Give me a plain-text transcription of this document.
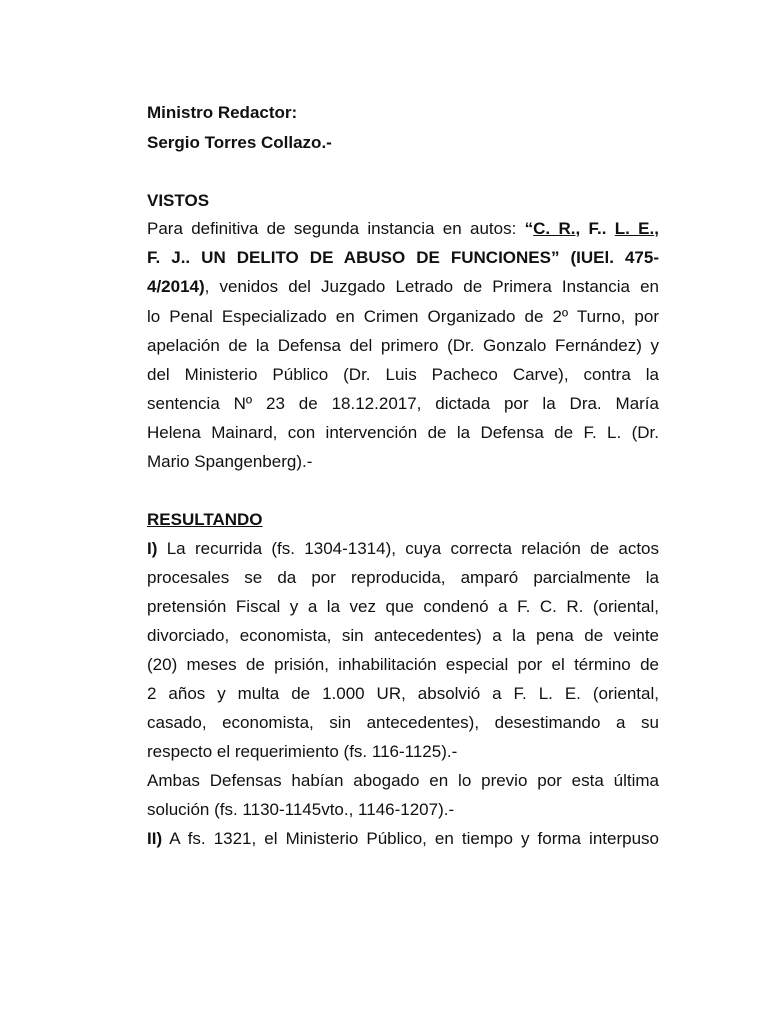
Ministro Redactor:
Sergio Torres Collazo.-
VISTOS
Para definitiva de segunda instancia en autos: “C. R., F.. L. E.,
F. J.. UN DELITO DE ABUSO DE FUNCIONES” (IUEl. 475-
4/2014), venidos del Juzgado Letrado de Primera Instancia en
lo Penal Especializado en Crimen Organizado de 2º Turno, por
apelación de la Defensa del primero (Dr. Gonzalo Fernández) y
del Ministerio Público (Dr. Luis Pacheco Carve), contra la
sentencia Nº 23 de 18.12.2017, dictada por la Dra. María
Helena Mainard, con intervención de la Defensa de F. L. (Dr.
Mario Spangenberg).-
RESULTANDO
I) La recurrida (fs. 1304-1314), cuya correcta relación de actos
procesales se da por reproducida, amparó parcialmente la
pretensión Fiscal y a la vez que condenó a F. C. R. (oriental,
divorciado, economista, sin antecedentes) a la pena de veinte
(20) meses de prisión, inhabilitación especial por el término de
2 años y multa de 1.000 UR, absolvió a F. L. E. (oriental,
casado, economista, sin antecedentes), desestimando a su
respecto el requerimiento (fs. 116-1125).-
Ambas Defensas habían abogado en lo previo por esta última
solución (fs. 1130-1145vto., 1146-1207).-
II) A fs. 1321, el Ministerio Público, en tiempo y forma interpuso
